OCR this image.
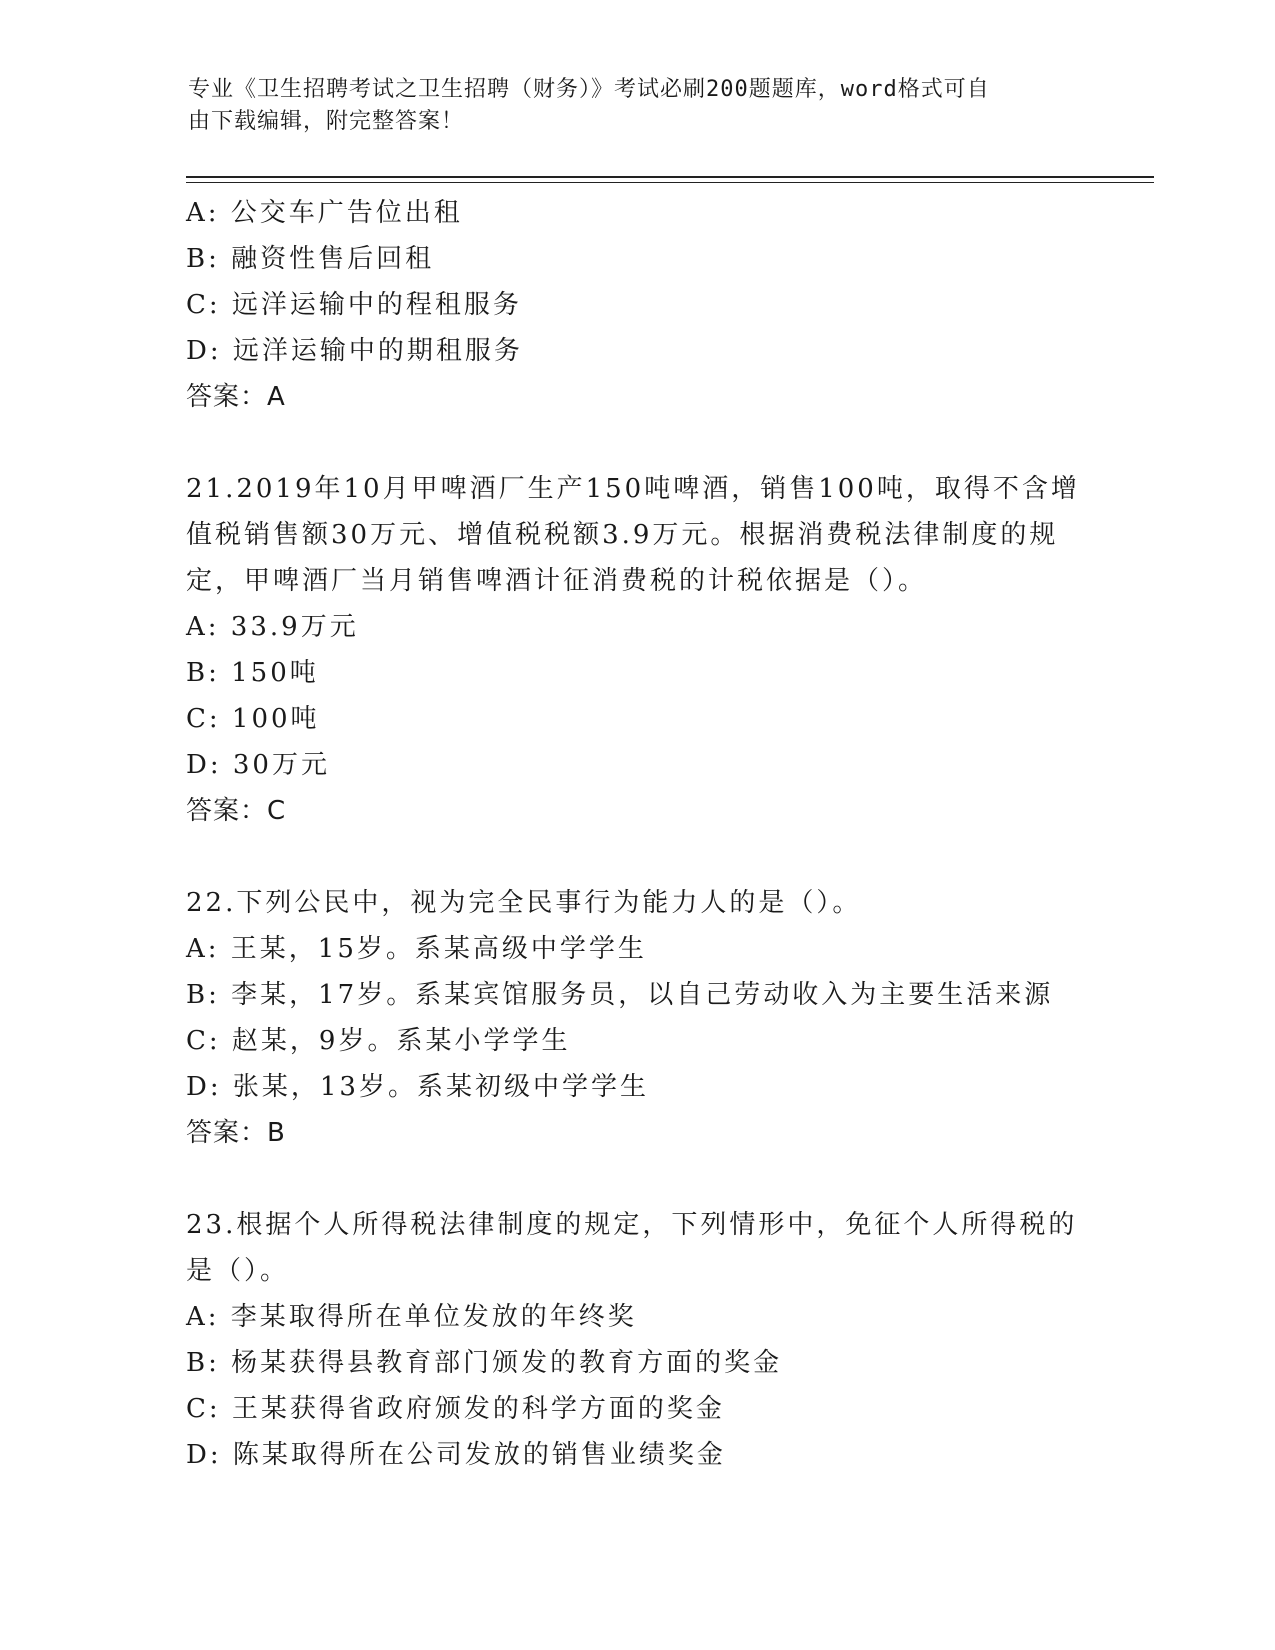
专业《卫生招聘考试之卫生招聘（财务）》考试必刷200题题库，word格式可自
由下载编辑，附完整答案！
A: 公交车广告位出租
B: 融资性售后回租
C: 远洋运输中的程租服务
D: 远洋运输中的期租服务
答案：A
21.2019年10月甲啤酒厂生产150吨啤酒，销售100吨，取得不含增
值税销售额30万元、增值税税额3.9万元。根据消费税法律制度的规
定，甲啤酒厂当月销售啤酒计征消费税的计税依据是（）。
A: 33.9万元
B: 150吨
C: 100吨
D: 30万元
答案：C
22.下列公民中，视为完全民事行为能力人的是（）。
A: 王某，15岁。系某高级中学学生
B: 李某，17岁。系某宾馆服务员，以自己劳动收入为主要生活来源
C: 赵某，9岁。系某小学学生
D: 张某，13岁。系某初级中学学生
答案：B
23.根据个人所得税法律制度的规定，下列情形中，免征个人所得税的
是（）。
A: 李某取得所在单位发放的年终奖
B: 杨某获得县教育部门颁发的教育方面的奖金
C: 王某获得省政府颁发的科学方面的奖金
D: 陈某取得所在公司发放的销售业绩奖金
